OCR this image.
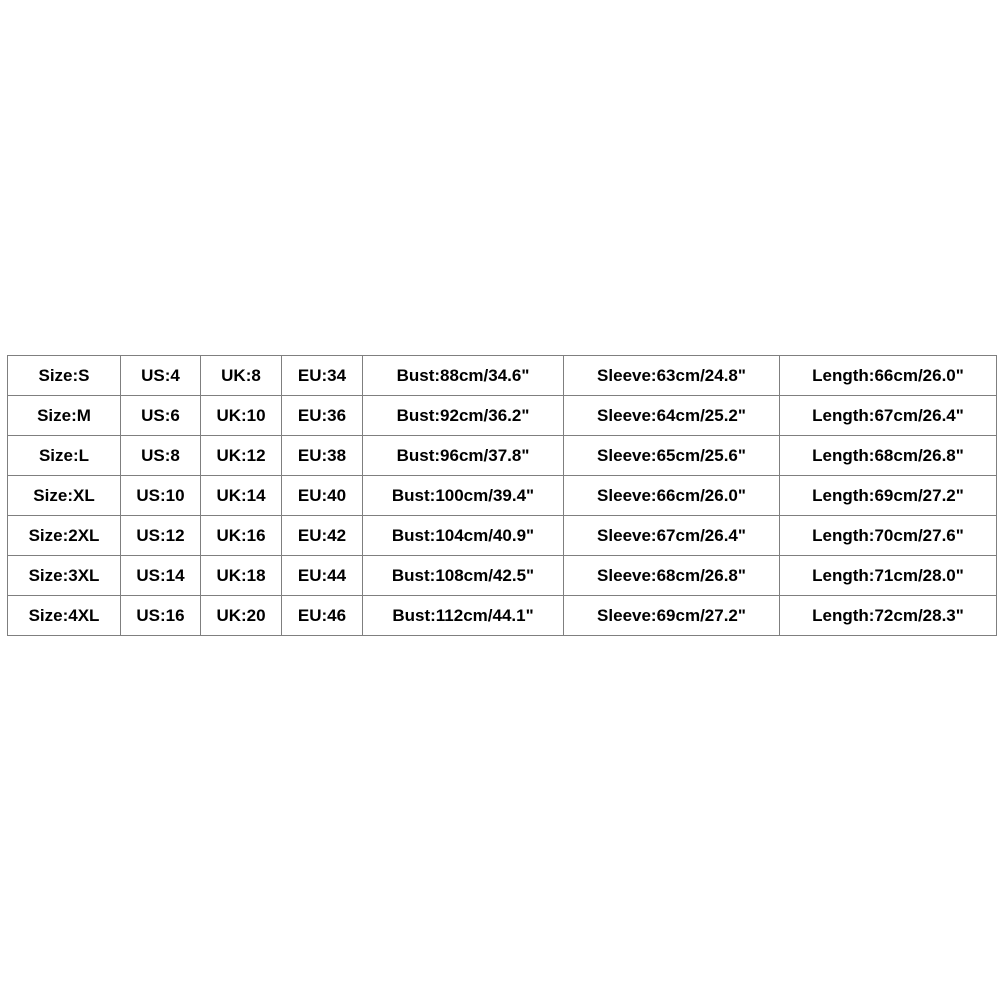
Size:S	US:4	UK:8	EU:34	Bust:88cm/34.6"	Sleeve:63cm/24.8"	Length:66cm/26.0"
Size:M	US:6	UK:10	EU:36	Bust:92cm/36.2"	Sleeve:64cm/25.2"	Length:67cm/26.4"
Size:L	US:8	UK:12	EU:38	Bust:96cm/37.8"	Sleeve:65cm/25.6"	Length:68cm/26.8"
Size:XL	US:10	UK:14	EU:40	Bust:100cm/39.4"	Sleeve:66cm/26.0"	Length:69cm/27.2"
Size:2XL	US:12	UK:16	EU:42	Bust:104cm/40.9"	Sleeve:67cm/26.4"	Length:70cm/27.6"
Size:3XL	US:14	UK:18	EU:44	Bust:108cm/42.5"	Sleeve:68cm/26.8"	Length:71cm/28.0"
Size:4XL	US:16	UK:20	EU:46	Bust:112cm/44.1"	Sleeve:69cm/27.2"	Length:72cm/28.3"
